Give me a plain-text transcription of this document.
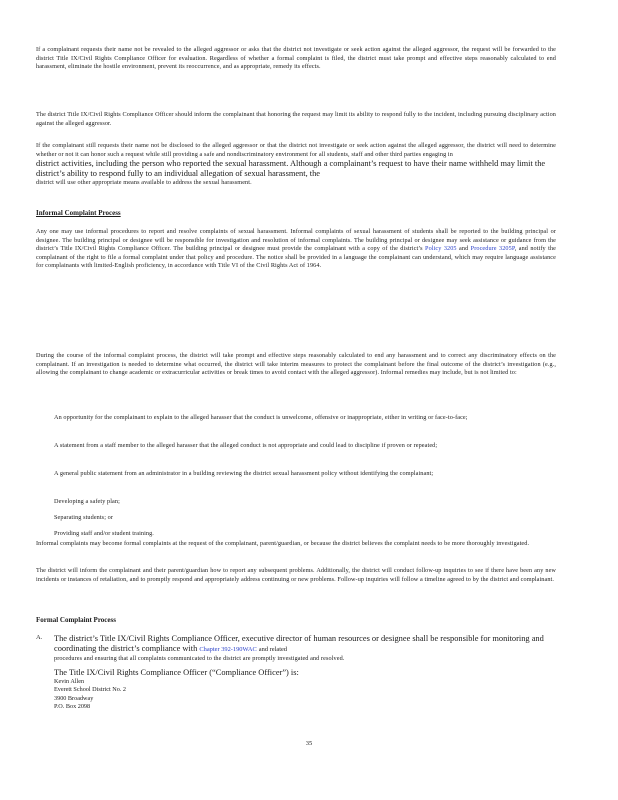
If a complainant requests their name not be revealed to the alleged aggressor or asks that the district not investigate or seek action against the alleged aggressor, the request will be forwarded to the district Title IX/Civil Rights Compliance Officer for evaluation. Regardless of whether a formal complaint is filed, the district must take prompt and effective steps reasonably calculated to end harassment, eliminate the hostile environment, prevent its reoccurrence, and as appropriate, remedy its effects.

The district Title IX/Civil Rights Compliance Officer should inform the complainant that honoring the request may limit its ability to respond fully to the incident, including pursuing disciplinary action against the alleged aggressor.

If the complainant still requests their name not be disclosed to the alleged aggressor or that the district not investigate or seek action against the alleged aggressor, the district will need to determine whether or not it can honor such a request while still providing a safe and nondiscriminatory environment for all students, staff and other third parties engaging in

district activities, including the person who reported the sexual harassment. Although a complainant’s request to have their name withheld may limit the district’s ability to respond fully to an individual allegation of sexual harassment, the

district will use other appropriate means available to address the sexual harassment.

Informal Complaint Process

Any one may use informal procedures to report and resolve complaints of sexual harassment. Informal complaints of sexual harassment of students shall be reported to the building principal or designee. The building principal or designee will be responsible for investigation and resolution of informal complaints. The building principal or designee may seek assistance or guidance from the district’s Title IX/Civil Rights Compliance Officer. The building principal or designee must provide the complainant with a copy of the district’s Policy 3205 and Procedure 3205P, and notify the complainant of the right to file a formal complaint under that policy and procedure. The notice shall be provided in a language the complainant can understand, which may require language assistance for complainants with limited-English proficiency, in accordance with Title VI of the Civil Rights Act of 1964.

During the course of the informal complaint process, the district will take prompt and effective steps reasonably calculated to end any harassment and to correct any discriminatory effects on the complainant. If an investigation is needed to determine what occurred, the district will take interim measures to protect the complainant before the final outcome of the district’s investigation (e.g., allowing the complainant to change academic or extracurricular activities or break times to avoid contact with the alleged aggressor). Informal remedies may include, but is not limited to:

An opportunity for the complainant to explain to the alleged harasser that the conduct is unwelcome, offensive or inappropriate, either in writing or face-to-face;

A statement from a staff member to the alleged harasser that the alleged conduct is not appropriate and could lead to discipline if proven or repeated;

A general public statement from an administrator in a building reviewing the district sexual harassment policy without identifying the complainant;

Developing a safety plan;

Separating students; or

Providing staff and/or student training.

Informal complaints may become formal complaints at the request of the complainant, parent/guardian, or because the district believes the complaint needs to be more thoroughly investigated.

The district will inform the complainant and their parent/guardian how to report any subsequent problems. Additionally, the district will conduct follow-up inquiries to see if there have been any new incidents or instances of retaliation, and to promptly respond and appropriately address continuing or new problems. Follow-up inquiries will follow a timeline agreed to by the district and complainant.

Formal Complaint Process

A. The district’s Title IX/Civil Rights Compliance Officer, executive director of human resources or designee shall be responsible for monitoring and coordinating the district’s compliance with Chapter 392-190WAC and related

procedures and ensuring that all complaints communicated to the district are promptly investigated and resolved.

The Title IX/Civil Rights Compliance Officer (“Compliance Officer”) is:

Kevin Allen
Everett School District No. 2
3900 Broadway
P.O. Box 2098
35
